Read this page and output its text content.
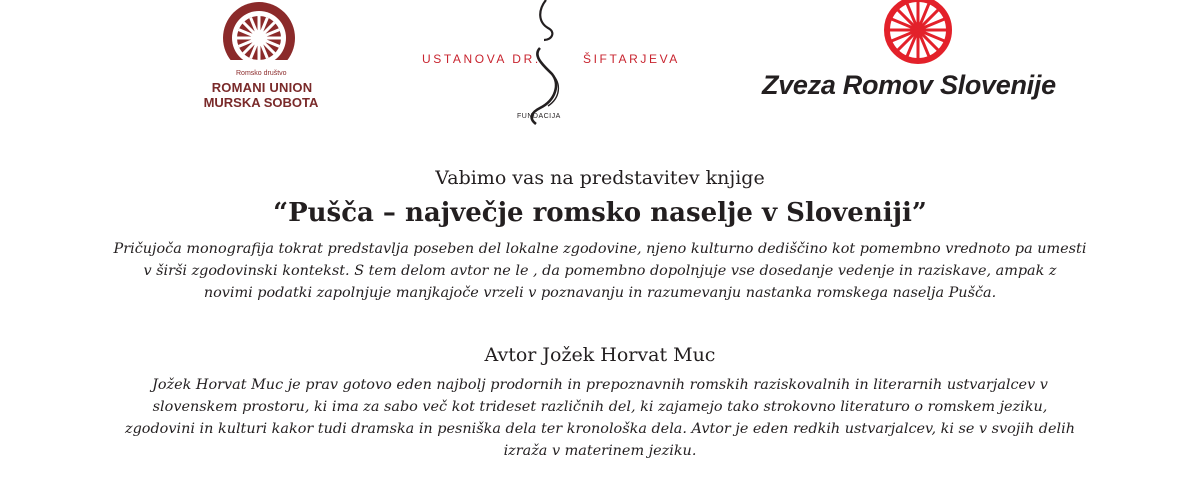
Romsko društvo
ROMANI UNION
MURSKA SOBOTA
USTANOVA DR.	ŠIFTARJEVA
FUNDACIJA
Zveza Romov Slovenije
Vabimo vas na predstavitev knjige
“Pušča – največje romsko naselje v Sloveniji”

Pričujoča monografija tokrat predstavlja poseben del lokalne zgodovine, njeno kulturno dediščino kot pomembno vrednoto pa umesti
v širši zgodovinski kontekst. S tem delom avtor ne le , da pomembno dopolnjuje vse dosedanje vedenje in raziskave, ampak z
novimi podatki zapolnjuje manjkajoče vrzeli v poznavanju in razumevanju nastanka romskega naselja Pušča.

Avtor Jožek Horvat Muc

Jožek Horvat Muc je prav gotovo eden najbolj prodornih in prepoznavnih romskih raziskovalnih in literarnih ustvarjalcev v
slovenskem prostoru, ki ima za sabo več kot trideset različnih del, ki zajamejo tako strokovno literaturo o romskem jeziku,
zgodovini in kulturi kakor tudi dramska in pesniška dela ter kronološka dela. Avtor je eden redkih ustvarjalcev, ki se v svojih delih
izraža v materinem jeziku.
